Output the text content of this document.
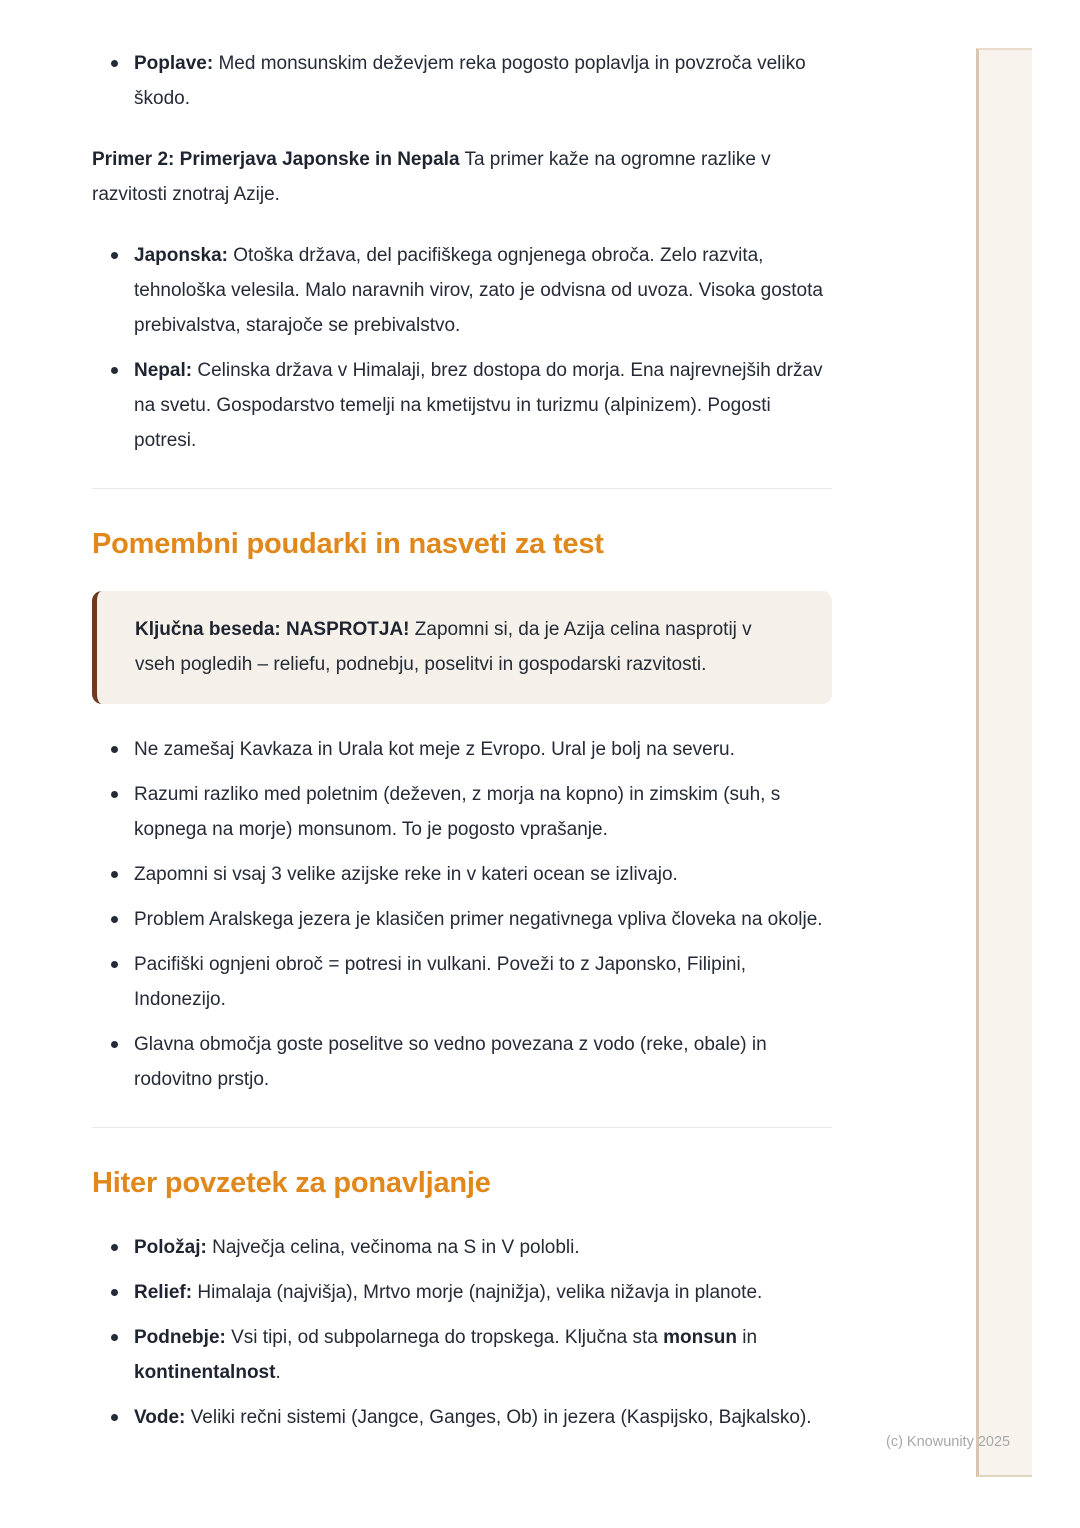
(c) Knowunity 2025
Poplave: Med monsunskim deževjem reka pogosto poplavlja in povzroča veliko škodo.

Primer 2: Primerjava Japonske in Nepala Ta primer kaže na ogromne razlike v razvitosti znotraj Azije.

Japonska: Otoška država, del pacifiškega ognjenega obroča. Zelo razvita, tehnološka velesila. Malo naravnih virov, zato je odvisna od uvoza. Visoka gostota prebivalstva, starajoče se prebivalstvo.
Nepal: Celinska država v Himalaji, brez dostopa do morja. Ena najrevnejših držav na svetu. Gospodarstvo temelji na kmetijstvu in turizmu (alpinizem). Pogosti potresi.
Pomembni poudarki in nasveti za test

Ključna beseda: NASPROTJA! Zapomni si, da je Azija celina nasprotij v vseh pogledih – reliefu, podnebju, poselitvi in gospodarski razvitosti.

Ne zamešaj Kavkaza in Urala kot meje z Evropo. Ural je bolj na severu.
Razumi razliko med poletnim (deževen, z morja na kopno) in zimskim (suh, s kopnega na morje) monsunom. To je pogosto vprašanje.
Zapomni si vsaj 3 velike azijske reke in v kateri ocean se izlivajo.
Problem Aralskega jezera je klasičen primer negativnega vpliva človeka na okolje.
Pacifiški ognjeni obroč = potresi in vulkani. Poveži to z Japonsko, Filipini, Indonezijo.
Glavna območja goste poselitve so vedno povezana z vodo (reke, obale) in rodovitno prstjo.
Hiter povzetek za ponavljanje
Položaj: Največja celina, večinoma na S in V polobli.
Relief: Himalaja (najvišja), Mrtvo morje (najnižja), velika nižavja in planote.
Podnebje: Vsi tipi, od subpolarnega do tropskega. Ključna sta monsun in kontinentalnost.
Vode: Veliki rečni sistemi (Jangce, Ganges, Ob) in jezera (Kaspijsko, Bajkalsko).
